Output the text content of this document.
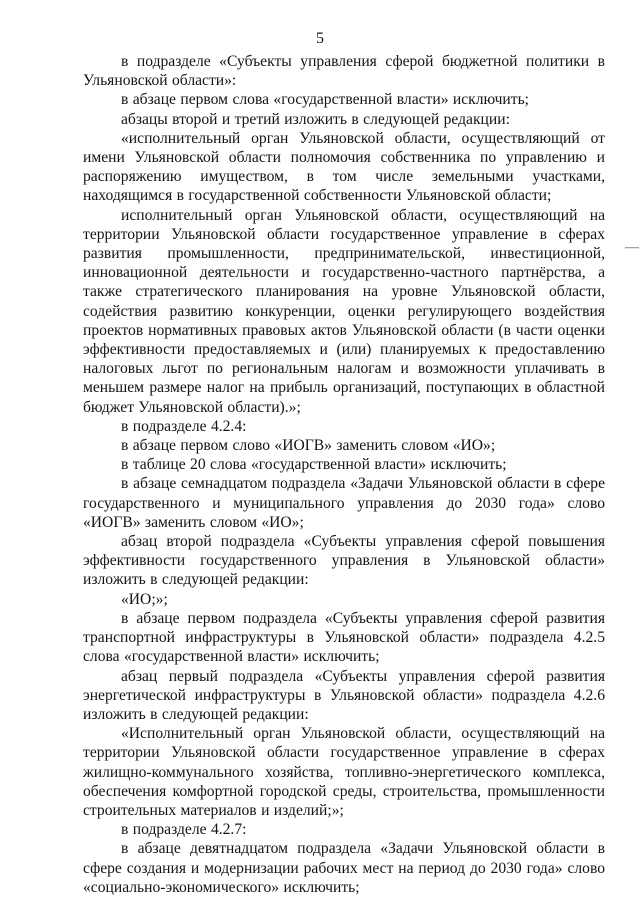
5

в подразделе «Субъекты управления сферой бюджетной политики в Ульяновской области»:

в абзаце первом слова «государственной власти» исключить;

абзацы второй и третий изложить в следующей редакции:

«исполнительный орган Ульяновской области, осуществляющий от имени Ульяновской области полномочия собственника по управлению и распоряжению имуществом, в том числе земельными участками, находящимся в государственной собственности Ульяновской области;

исполнительный орган Ульяновской области, осуществляющий на территории Ульяновской области государственное управление в сферах развития промышленности, предпринимательской, инвестиционной, инновационной деятельности и государственно-частного партнёрства, а также стратегического планирования на уровне Ульяновской области, содействия развитию конкуренции, оценки регулирующего воздействия проектов нормативных правовых актов Ульяновской области (в части оценки эффективности предоставляемых и (или) планируемых к предоставлению налоговых льгот по региональным налогам и возможности уплачивать в меньшем размере налог на прибыль организаций, поступающих в областной бюджет Ульяновской области).»;

в подразделе 4.2.4:

в абзаце первом слово «ИОГВ» заменить словом «ИО»;

в таблице 20 слова «государственной власти» исключить;

в абзаце семнадцатом подраздела «Задачи Ульяновской области в сфере государственного и муниципального управления до 2030 года» слово «ИОГВ» заменить словом «ИО»;

абзац второй подраздела «Субъекты управления сферой повышения эффективности государственного управления в Ульяновской области» изложить в следующей редакции:

«ИО;»;

в абзаце первом подраздела «Субъекты управления сферой развития транспортной инфраструктуры в Ульяновской области» подраздела 4.2.5 слова «государственной власти» исключить;

абзац первый подраздела «Субъекты управления сферой развития энергетической инфраструктуры в Ульяновской области» подраздела 4.2.6 изложить в следующей редакции:

«Исполнительный орган Ульяновской области, осуществляющий на территории Ульяновской области государственное управление в сферах жилищно-коммунального хозяйства, топливно-энергетического комплекса, обеспечения комфортной городской среды, строительства, промышленности строительных материалов и изделий;»;

в подразделе 4.2.7:

в абзаце девятнадцатом подраздела «Задачи Ульяновской области в сфере создания и модернизации рабочих мест на период до 2030 года» слово «социально-экономического» исключить;

—
